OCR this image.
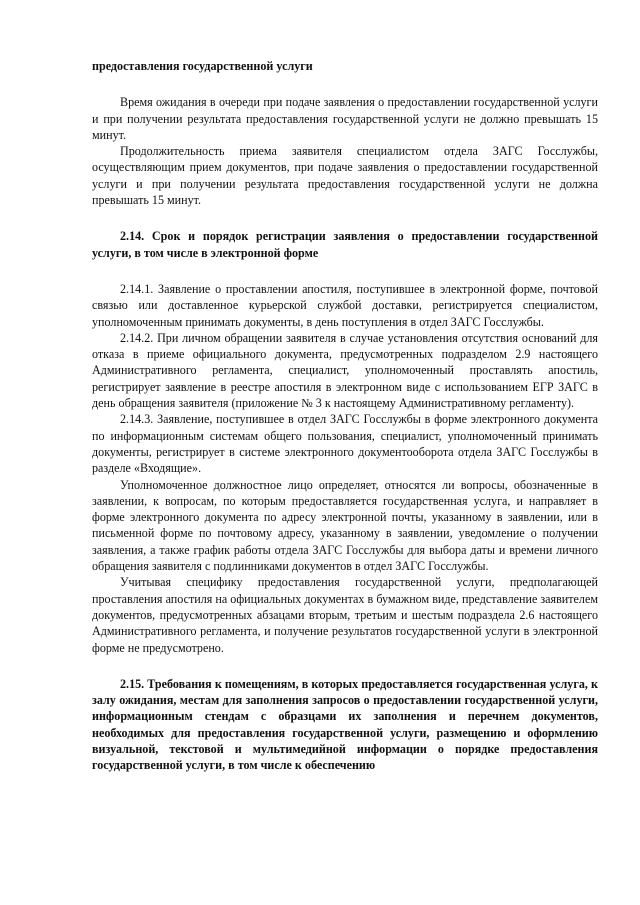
предоставления государственной услуги

Время ожидания в очереди при подаче заявления о предоставлении государственной услуги и при получении результата предоставления государственной услуги не должно превышать 15 минут.

Продолжительность приема заявителя специалистом отдела ЗАГС Госслужбы, осуществляющим прием документов, при подаче заявления о предоставлении государственной услуги и при получении результата предоставления государственной услуги не должна превышать 15 минут.

2.14. Срок и порядок регистрации заявления о предоставлении государственной услуги, в том числе в электронной форме

2.14.1. Заявление о проставлении апостиля, поступившее в электронной форме, почтовой связью или доставленное курьерской службой доставки, регистрируется специалистом, уполномоченным принимать документы, в день поступления в отдел ЗАГС Госслужбы.

2.14.2. При личном обращении заявителя в случае установления отсутствия оснований для отказа в приеме официального документа, предусмотренных подразделом 2.9 настоящего Административного регламента, специалист, уполномоченный проставлять апостиль, регистрирует заявление в реестре апостиля в электронном виде с использованием ЕГР ЗАГС в день обращения заявителя (приложение № 3 к настоящему Административному регламенту).

2.14.3. Заявление, поступившее в отдел ЗАГС Госслужбы в форме электронного документа по информационным системам общего пользования, специалист, уполномоченный принимать документы, регистрирует в системе электронного документооборота отдела ЗАГС Госслужбы в разделе «Входящие».

Уполномоченное должностное лицо определяет, относятся ли вопросы, обозначенные в заявлении, к вопросам, по которым предоставляется государственная услуга, и направляет в форме электронного документа по адресу электронной почты, указанному в заявлении, или в письменной форме по почтовому адресу, указанному в заявлении, уведомление о получении заявления, а также график работы отдела ЗАГС Госслужбы для выбора даты и времени личного обращения заявителя с подлинниками документов в отдел ЗАГС Госслужбы.

Учитывая специфику предоставления государственной услуги, предполагающей проставления апостиля на официальных документах в бумажном виде, представление заявителем документов, предусмотренных абзацами вторым, третьим и шестым подраздела 2.6 настоящего Административного регламента, и получение результатов государственной услуги в электронной форме не предусмотрено.

2.15. Требования к помещениям, в которых предоставляется государственная услуга, к залу ожидания, местам для заполнения запросов о предоставлении государственной услуги, информационным стендам с образцами их заполнения и перечнем документов, необходимых для предоставления государственной услуги, размещению и оформлению визуальной, текстовой и мультимедийной информации о порядке предоставления государственной услуги, в том числе к обеспечению
